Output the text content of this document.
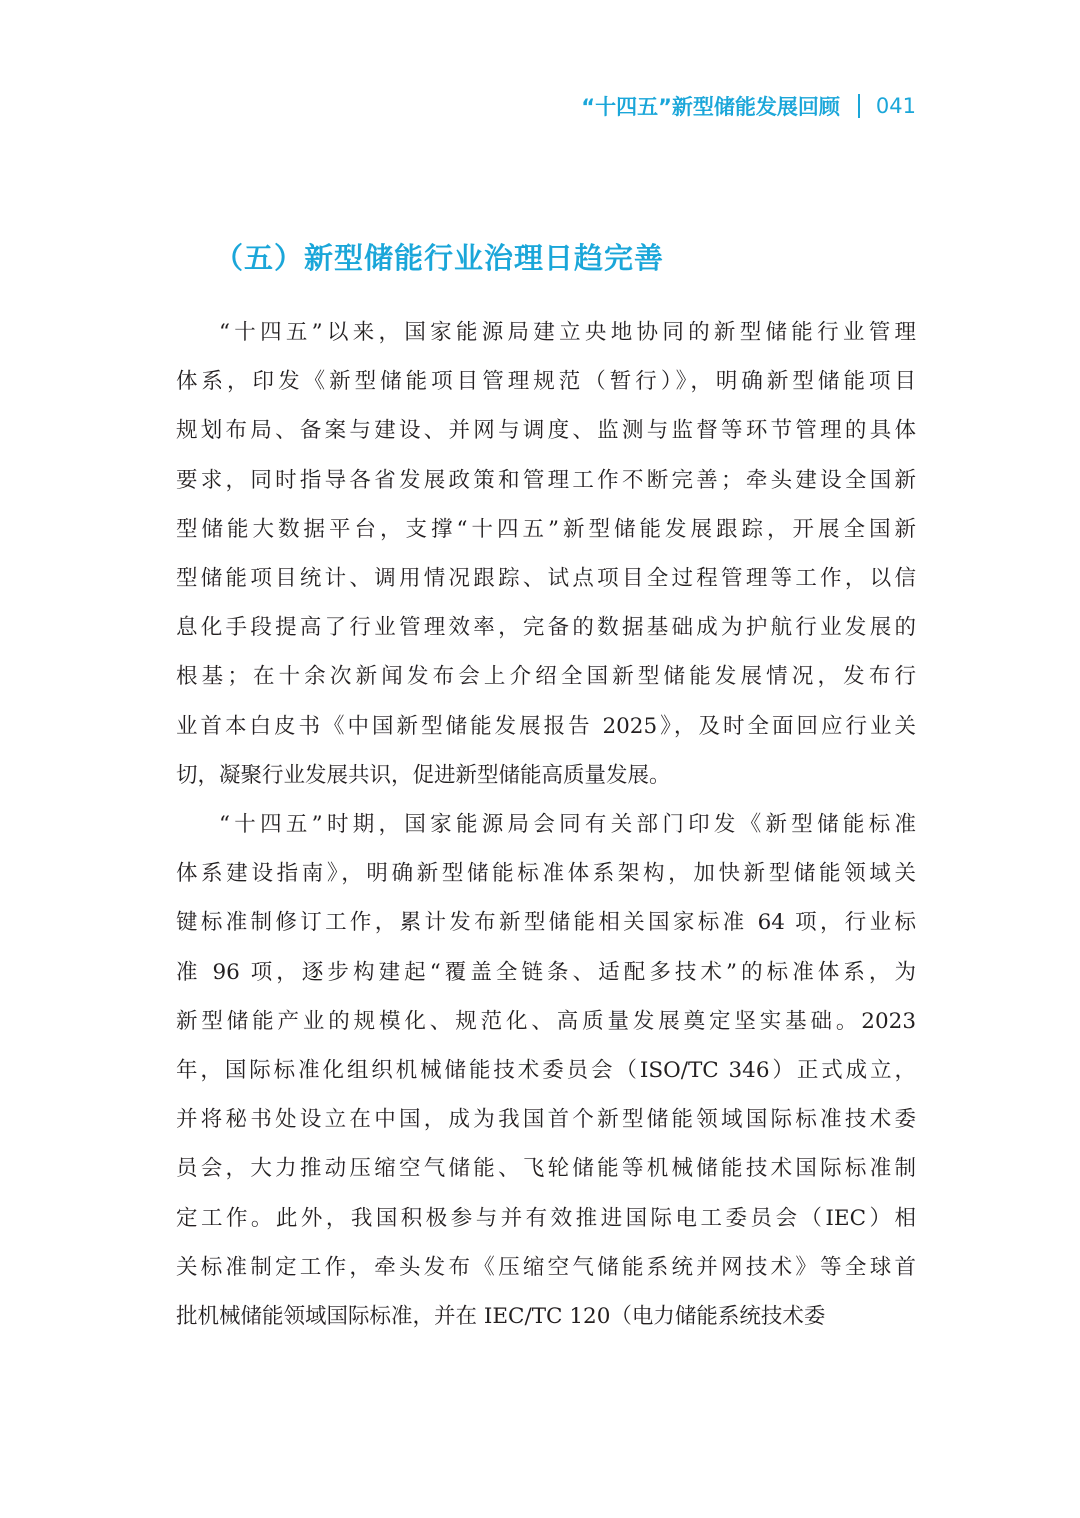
“十四五”新型储能发展回顾 041
（五）新型储能行业治理日趋完善
“十四五”以来，国家能源局建立央地协同的新型储能行业管理
体系，印发《新型储能项目管理规范（暂行）》，明确新型储能项目
规划布局、备案与建设、并网与调度、监测与监督等环节管理的具体
要求，同时指导各省发展政策和管理工作不断完善；牵头建设全国新
型储能大数据平台，支撑“十四五”新型储能发展跟踪，开展全国新
型储能项目统计、调用情况跟踪、试点项目全过程管理等工作，以信
息化手段提高了行业管理效率，完备的数据基础成为护航行业发展的
根基；在十余次新闻发布会上介绍全国新型储能发展情况，发布行
业首本白皮书《中国新型储能发展报告 2025》，及时全面回应行业关
切，凝聚行业发展共识，促进新型储能高质量发展。
“十四五”时期，国家能源局会同有关部门印发《新型储能标准
体系建设指南》，明确新型储能标准体系架构，加快新型储能领域关
键标准制修订工作，累计发布新型储能相关国家标准 64 项，行业标
准 96 项，逐步构建起“覆盖全链条、适配多技术”的标准体系，为
新型储能产业的规模化、规范化、高质量发展奠定坚实基础。2023
年，国际标准化组织机械储能技术委员会（ISO/TC 346）正式成立，
并将秘书处设立在中国，成为我国首个新型储能领域国际标准技术委
员会，大力推动压缩空气储能、飞轮储能等机械储能技术国际标准制
定工作。此外，我国积极参与并有效推进国际电工委员会（IEC）相
关标准制定工作，牵头发布《压缩空气储能系统并网技术》等全球首
批机械储能领域国际标准，并在 IEC/TC 120（电力储能系统技术委
